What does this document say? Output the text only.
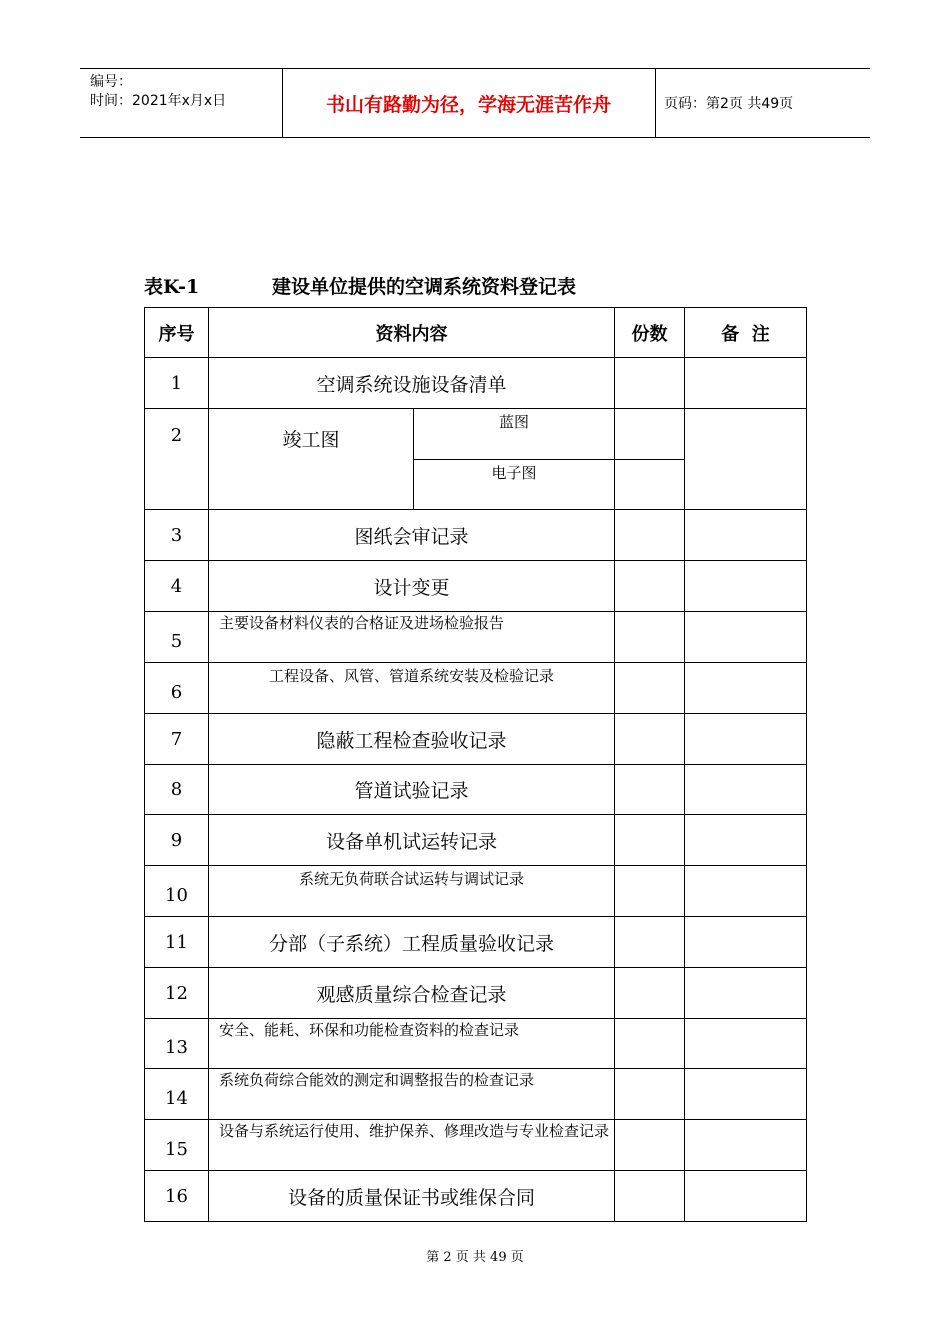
编号：
时间：2021年x月x日	书山有路勤为径，学海无涯苦作舟	页码：第2页 共49页
表K-1	建设单位提供的空调系统资料登记表
序号	资料内容		份数	备  注
1	空调系统设施设备清单			
2	竣工图	蓝图		
		电子图		
3	图纸会审记录			
4	设计变更			
5	主要设备材料仪表的合格证及进场检验报告			
6	工程设备、风管、管道系统安装及检验记录			
7	隐蔽工程检查验收记录			
8	管道试验记录			
9	设备单机试运转记录			
10	系统无负荷联合试运转与调试记录			
11	分部（子系统）工程质量验收记录			
12	观感质量综合检查记录			
13	安全、能耗、环保和功能检查资料的检查记录			
14	系统负荷综合能效的测定和调整报告的检查记录			
15	设备与系统运行使用、维护保养、修理改造与专业检查记录			
16	设备的质量保证书或维保合同			
第 2 页 共 49 页
